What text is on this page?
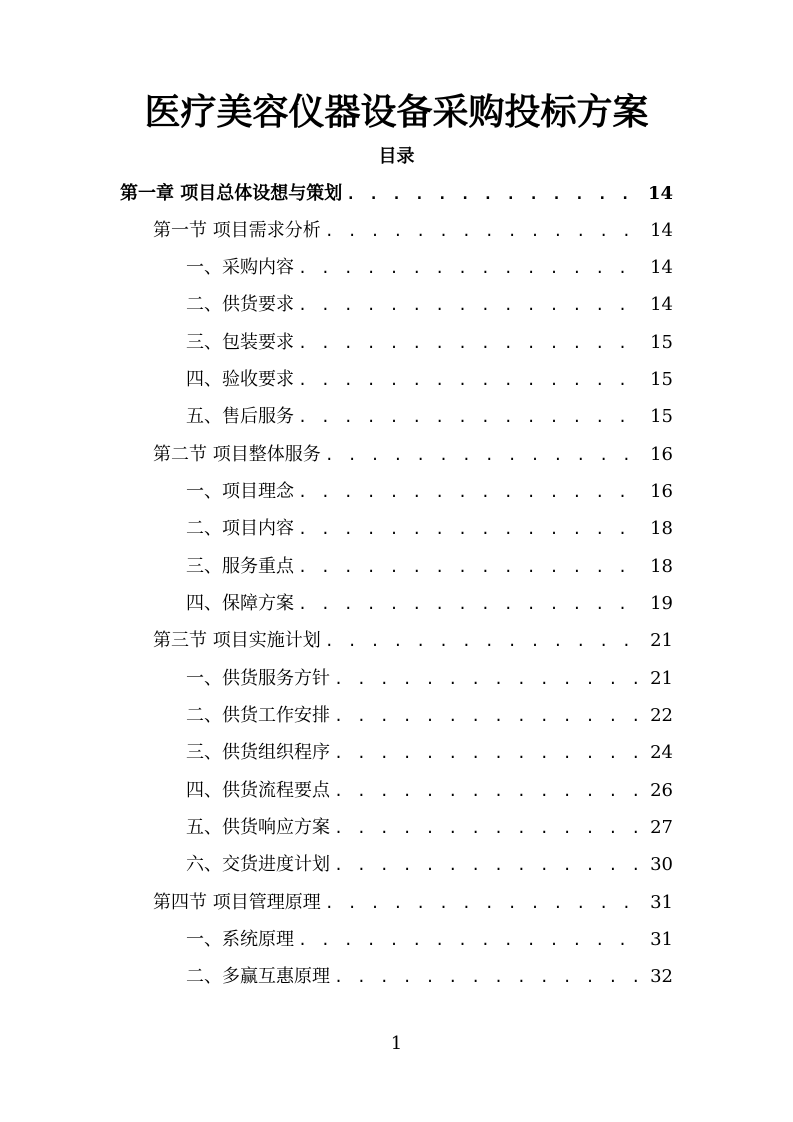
医疗美容仪器设备采购投标方案
目录
第一章 项目总体设想与策划 . . .	14
第一节 项目需求分析 . . .	14
一、采购内容 . . .	14
二、供货要求 . . .	14
三、包装要求 . . .	15
四、验收要求 . . .	15
五、售后服务 . . .	15
第二节 项目整体服务 . . .	16
一、项目理念 . . .	16
二、项目内容 . . .	18
三、服务重点 . . .	18
四、保障方案 . . .	19
第三节 项目实施计划 . . .	21
一、供货服务方针 . . .	21
二、供货工作安排 . . .	22
三、供货组织程序 . . .	24
四、供货流程要点 . . .	26
五、供货响应方案 . . .	27
六、交货进度计划 . . .	30
第四节 项目管理原理 . . .	31
一、系统原理 . . .	31
二、多赢互惠原理 . . .	32
1
